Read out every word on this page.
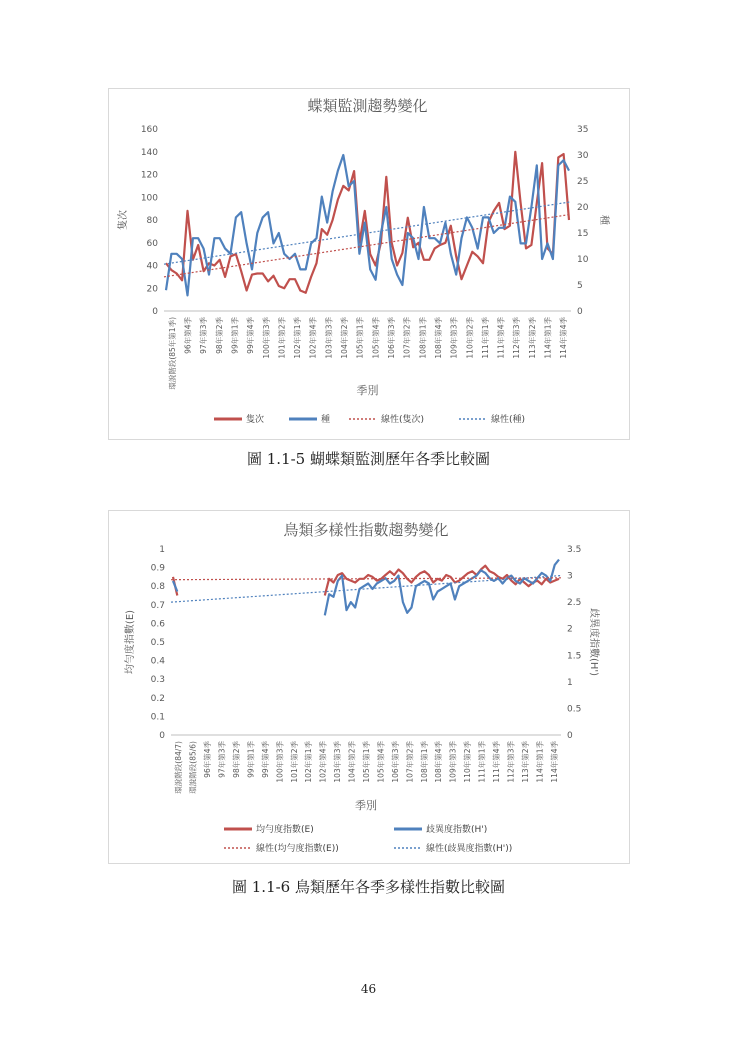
蝶類監測趨勢變化
0
20
40
60
80
100
120
140
160
0
5
10
15
20
25
30
35
隻次	種
環說階段(85年第1季) 96年第4季 97年第3季 98年第2季 99年第1季 99年第4季 100年第3季 101年第2季 102年第1季 102年第4季 103年第3季 104年第2季 105年第1季 105年第4季 106年第3季 107年第2季 108年第1季 108年第4季 109年第3季 110年第2季 111年第1季 111年第4季 112年第3季 113年第2季 114年第1季 114年第4季
季別
隻次	種	線性(隻次)	線性(種)
圖 1.1-5 蝴蝶類監測歷年各季比較圖
鳥類多樣性指數趨勢變化
0
0.1
0.2
0.3
0.4
0.5
0.6
0.7
0.8
0.9
1
0
0.5
1
1.5
2
2.5
3
3.5
均勻度指數(E)	歧異度指數(H')
環說階段(84/7) 環說階段(85/6) 96年第4季 97年第3季 98年第2季 99年第1季 99年第4季 100年第3季 101年第2季 102年第1季 102年第4季 103年第3季 104年第2季 105年第1季 105年第4季 106年第3季 107年第2季 108年第1季 108年第4季 109年第3季 110年第2季 111年第1季 111年第4季 112年第3季 113年第2季 114年第1季 114年第4季
季別
均勻度指數(E)	歧異度指數(H')
線性(均勻度指數(E))	線性(歧異度指數(H'))
圖 1.1-6 鳥類歷年各季多樣性指數比較圖
46
